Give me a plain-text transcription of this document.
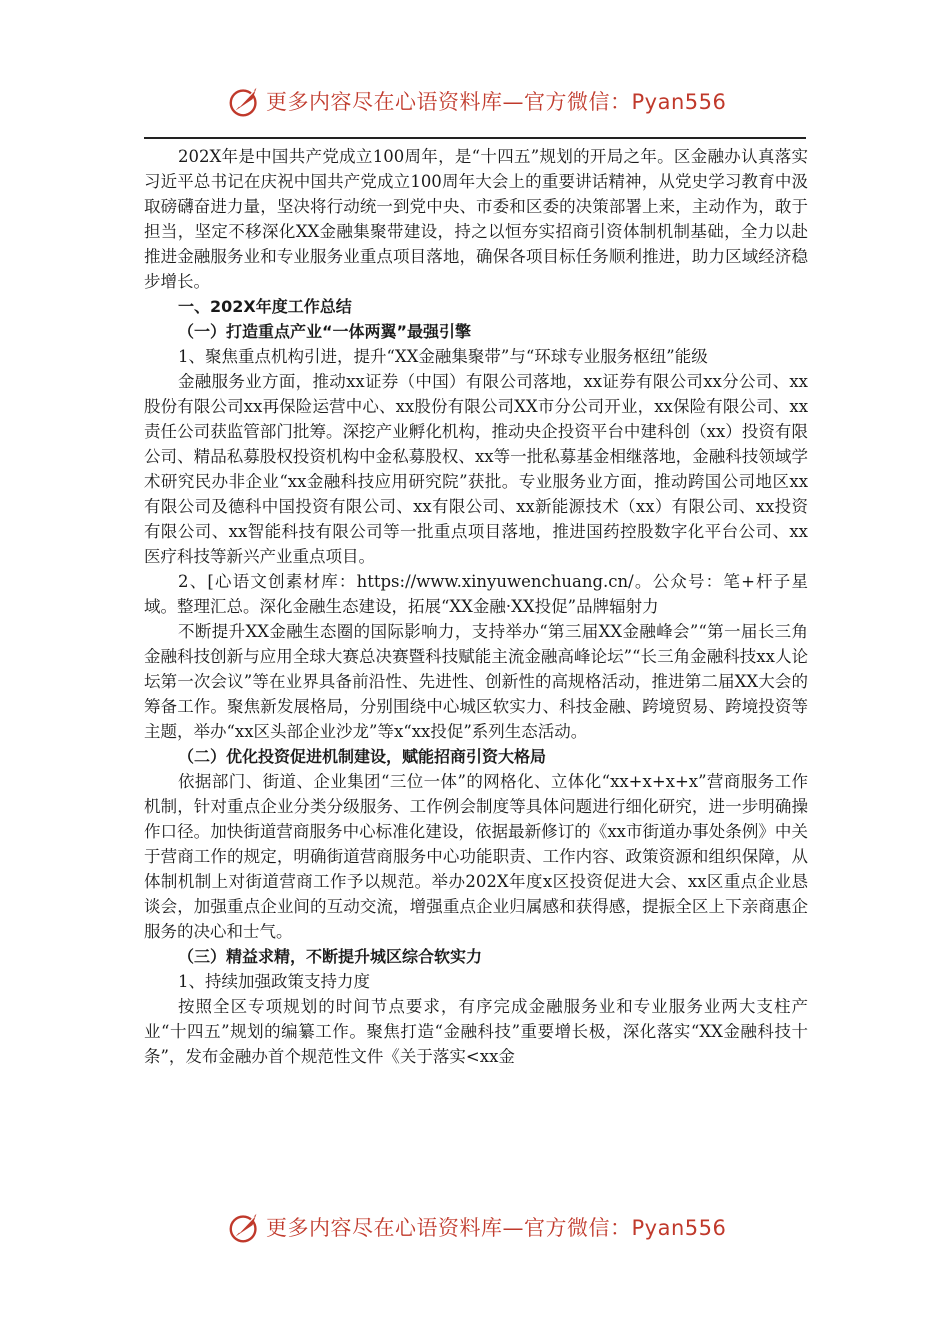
更多内容尽在心语资料库—官方微信：Pyan556

202X年是中国共产党成立100周年，是“十四五”规划的开局之年。区金融办认真落实习近平总书记在庆祝中国共产党成立100周年大会上的重要讲话精神，从党史学习教育中汲取磅礴奋进力量，坚决将行动统一到党中央、市委和区委的决策部署上来，主动作为，敢于担当，坚定不移深化XX金融集聚带建设，持之以恒夯实招商引资体制机制基础，全力以赴推进金融服务业和专业服务业重点项目落地，确保各项目标任务顺利推进，助力区域经济稳步增长。

一、202X年度工作总结

（一）打造重点产业“一体两翼”最强引擎

1、聚焦重点机构引进，提升“XX金融集聚带”与“环球专业服务枢纽”能级

金融服务业方面，推动xx证券（中国）有限公司落地，xx证券有限公司xx分公司、xx股份有限公司xx再保险运营中心、xx股份有限公司XX市分公司开业，xx保险有限公司、xx责任公司获监管部门批筹。深挖产业孵化机构，推动央企投资平台中建科创（xx）投资有限公司、精品私募股权投资机构中金私募股权、xx等一批私募基金相继落地，金融科技领域学术研究民办非企业“xx金融科技应用研究院”获批。专业服务业方面，推动跨国公司地区xx有限公司及德科中国投资有限公司、xx有限公司、xx新能源技术（xx）有限公司、xx投资有限公司、xx智能科技有限公司等一批重点项目落地，推进国药控股数字化平台公司、xx医疗科技等新兴产业重点项目。

2、[心语文创素材库：https://www.xinyuwenchuang.cn/。公众号：笔+杆子星域。整理汇总。深化金融生态建设，拓展“XX金融·XX投促”品牌辐射力

不断提升XX金融生态圈的国际影响力，支持举办“第三届XX金融峰会”“第一届长三角金融科技创新与应用全球大赛总决赛暨科技赋能主流金融高峰论坛”“长三角金融科技xx人论坛第一次会议”等在业界具备前沿性、先进性、创新性的高规格活动，推进第二届XX大会的筹备工作。聚焦新发展格局，分别围绕中心城区软实力、科技金融、跨境贸易、跨境投资等主题，举办“xx区头部企业沙龙”等x“xx投促”系列生态活动。

（二）优化投资促进机制建设，赋能招商引资大格局

依据部门、街道、企业集团“三位一体”的网格化、立体化“xx+x+x+x”营商服务工作机制，针对重点企业分类分级服务、工作例会制度等具体问题进行细化研究，进一步明确操作口径。加快街道营商服务中心标准化建设，依据最新修订的《xx市街道办事处条例》中关于营商工作的规定，明确街道营商服务中心功能职责、工作内容、政策资源和组织保障，从体制机制上对街道营商工作予以规范。举办202X年度x区投资促进大会、xx区重点企业恳谈会，加强重点企业间的互动交流，增强重点企业归属感和获得感，提振全区上下亲商惠企服务的决心和士气。

（三）精益求精，不断提升城区综合软实力

1、持续加强政策支持力度

按照全区专项规划的时间节点要求，有序完成金融服务业和专业服务业两大支柱产业“十四五”规划的编纂工作。聚焦打造“金融科技”重要增长极，深化落实“XX金融科技十条”，发布金融办首个规范性文件《关于落实<xx金

更多内容尽在心语资料库—官方微信：Pyan556
